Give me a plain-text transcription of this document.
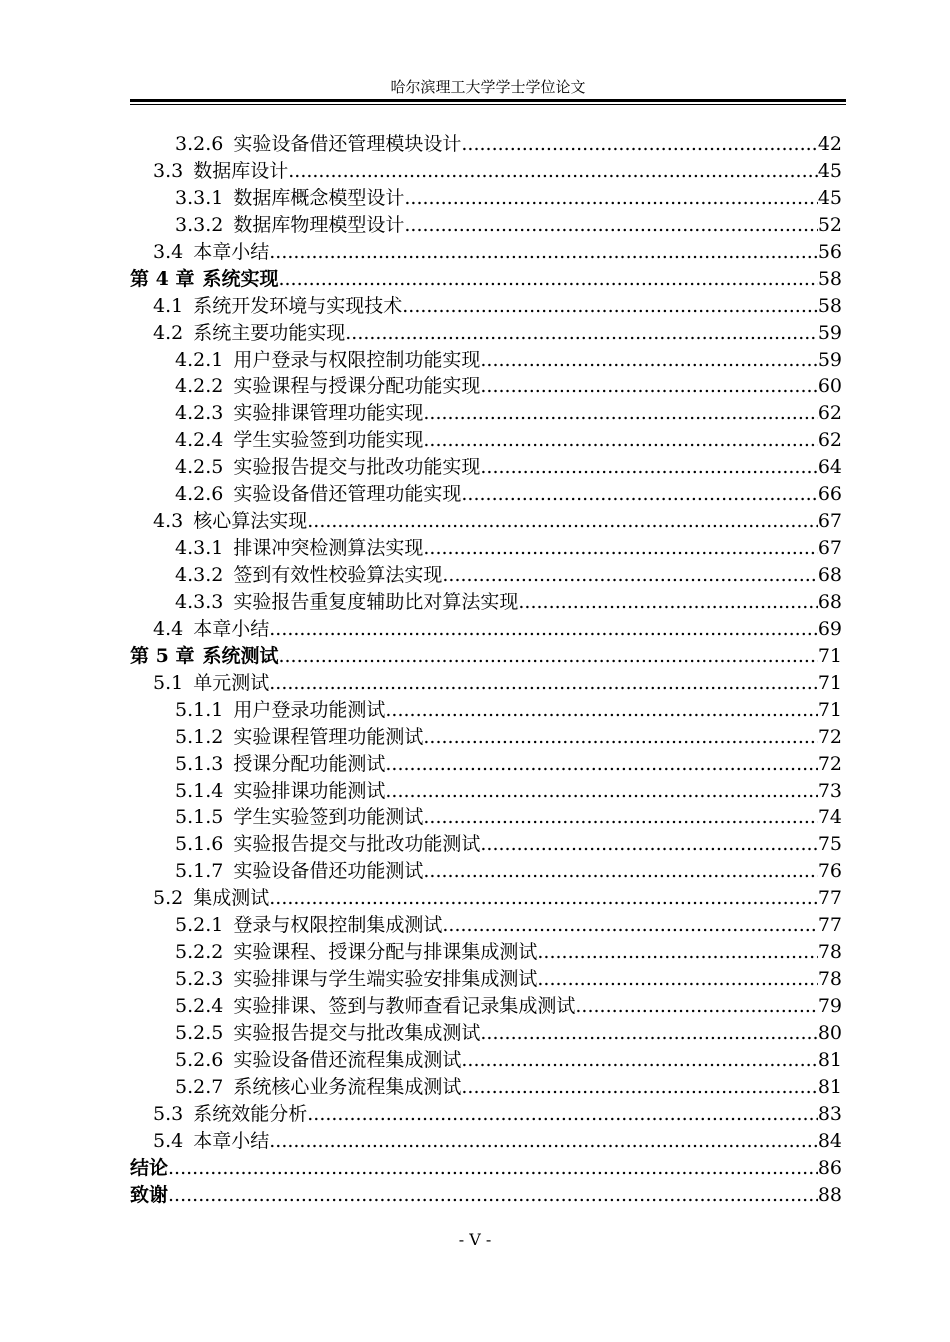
哈尔滨理工大学学士学位论文
3.2.6 实验设备借还管理模块设计 .....	42
3.3 数据库设计 .....	45
3.3.1 数据库概念模型设计 .....	45
3.3.2 数据库物理模型设计 .....	52
3.4 本章小结 .....	56
第 4 章 系统实现 .....	58
4.1 系统开发环境与实现技术 .....	58
4.2 系统主要功能实现 .....	59
4.2.1 用户登录与权限控制功能实现 .....	59
4.2.2 实验课程与授课分配功能实现 .....	60
4.2.3 实验排课管理功能实现 .....	62
4.2.4 学生实验签到功能实现 .....	62
4.2.5 实验报告提交与批改功能实现 .....	64
4.2.6 实验设备借还管理功能实现 .....	66
4.3 核心算法实现 .....	67
4.3.1 排课冲突检测算法实现 .....	67
4.3.2 签到有效性校验算法实现 .....	68
4.3.3 实验报告重复度辅助比对算法实现 .....	68
4.4 本章小结 .....	69
第 5 章 系统测试 .....	71
5.1 单元测试 .....	71
5.1.1 用户登录功能测试 .....	71
5.1.2 实验课程管理功能测试 .....	72
5.1.3 授课分配功能测试 .....	72
5.1.4 实验排课功能测试 .....	73
5.1.5 学生实验签到功能测试 .....	74
5.1.6 实验报告提交与批改功能测试 .....	75
5.1.7 实验设备借还功能测试 .....	76
5.2 集成测试 .....	77
5.2.1 登录与权限控制集成测试 .....	77
5.2.2 实验课程、授课分配与排课集成测试 .....	78
5.2.3 实验排课与学生端实验安排集成测试 .....	78
5.2.4 实验排课、签到与教师查看记录集成测试 .....	79
5.2.5 实验报告提交与批改集成测试 .....	80
5.2.6 实验设备借还流程集成测试 .....	81
5.2.7 系统核心业务流程集成测试 .....	81
5.3 系统效能分析 .....	83
5.4 本章小结 .....	84
结论 .....	86
致谢 .....	88
- V -
